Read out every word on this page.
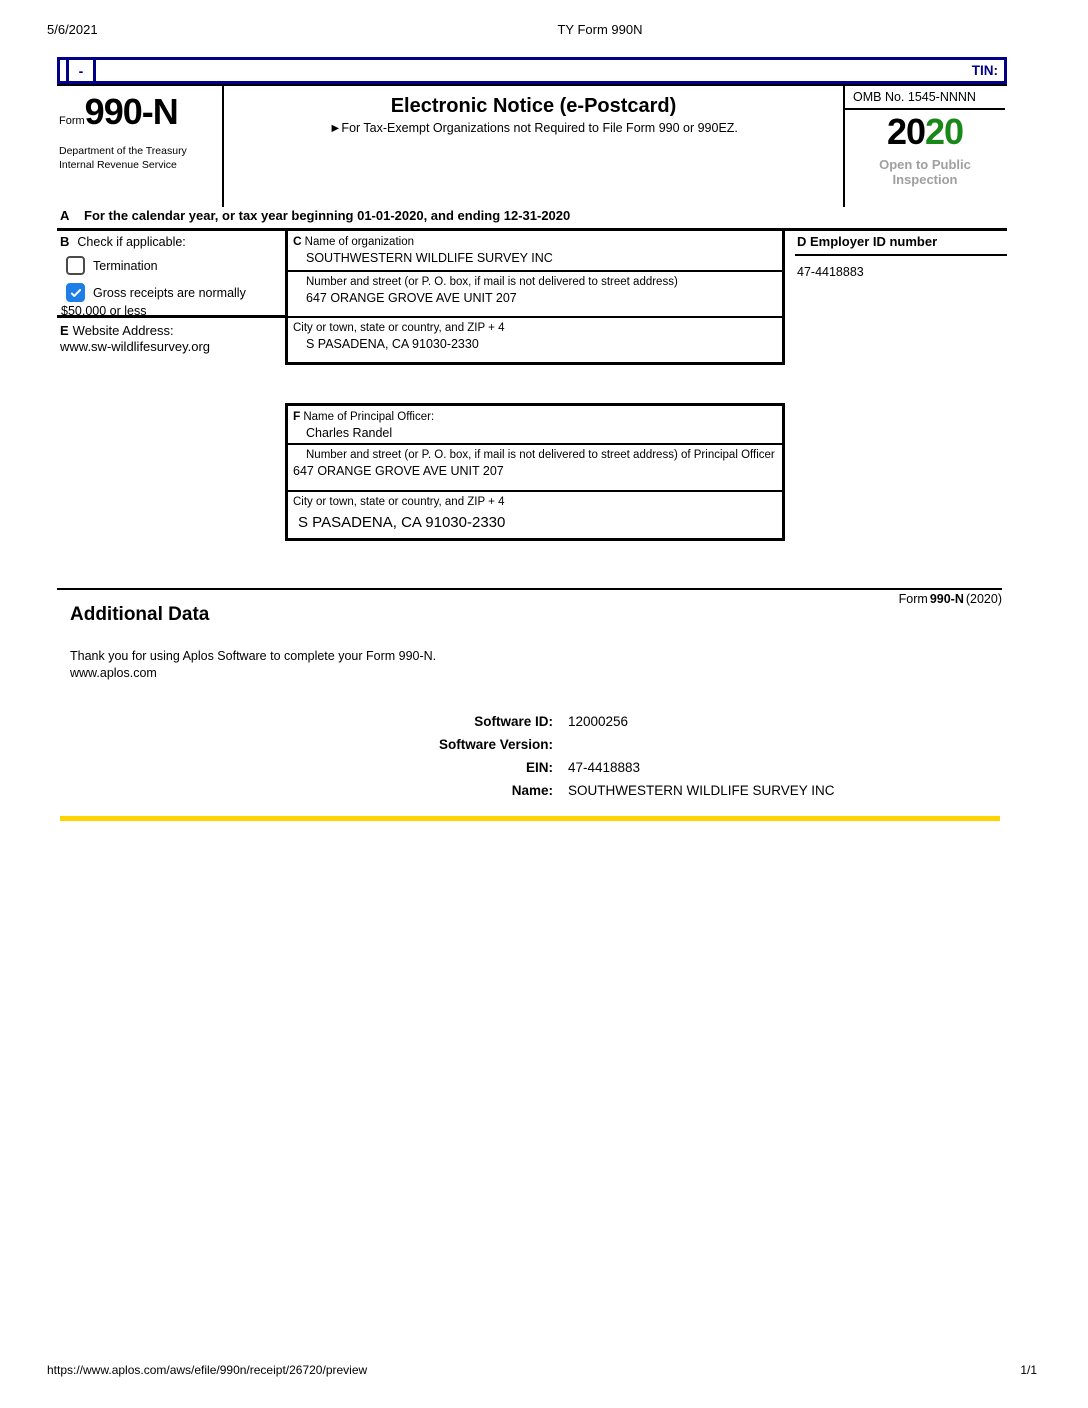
5/6/2021	TY Form 990N
-	TIN:
Form990-N
Department of the Treasury
Internal Revenue Service
Electronic Notice (e-Postcard)
►For Tax-Exempt Organizations not Required to File Form 990 or 990EZ.
OMB No. 1545-NNNN
2020
Open to Public
Inspection
A For the calendar year, or tax year beginning 01-01-2020, and ending 12-31-2020
B Check if applicable:
Termination
Gross receipts are normally
$50,000 or less
E Website Address:
www.sw-wildlifesurvey.org
C Name of organization
SOUTHWESTERN WILDLIFE SURVEY INC
Number and street (or P. O. box, if mail is not delivered to street address)
647 ORANGE GROVE AVE UNIT 207
City or town, state or country, and ZIP + 4
S PASADENA, CA 91030-2330
F Name of Principal Officer:
Charles Randel
Number and street (or P. O. box, if mail is not delivered to street address) of Principal Officer
647 ORANGE GROVE AVE UNIT 207
City or town, state or country, and ZIP + 4
S PASADENA, CA 91030-2330
D Employer ID number
47-4418883
Form 990-N (2020)
Additional Data
Thank you for using Aplos Software to complete your Form 990-N.
www.aplos.com
Software ID: 12000256
Software Version:
EIN: 47-4418883
Name: SOUTHWESTERN WILDLIFE SURVEY INC
https://www.aplos.com/aws/efile/990n/receipt/26720/preview	1/1
